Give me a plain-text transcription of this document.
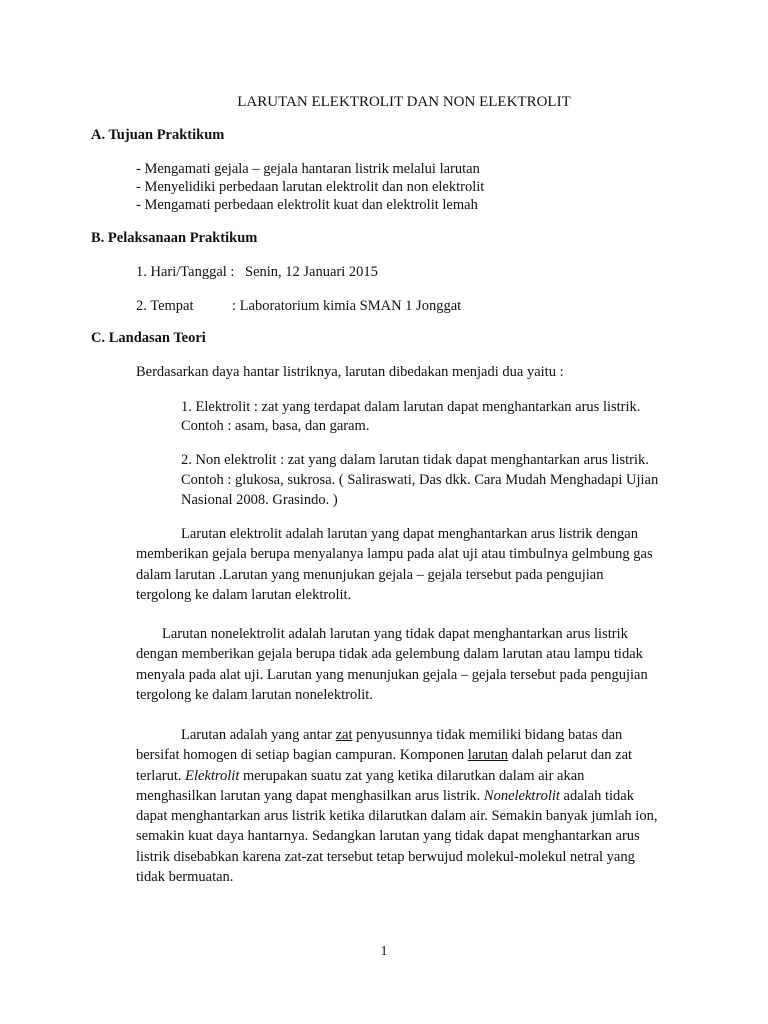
LARUTAN ELEKTROLIT DAN NON ELEKTROLIT
A. Tujuan Praktikum
- Mengamati gejala – gejala hantaran listrik melalui larutan
- Menyelidiki perbedaan larutan elektrolit dan non elektrolit
- Mengamati perbedaan elektrolit kuat dan elektrolit lemah
B. Pelaksanaan Praktikum
1. Hari/Tanggal : Senin, 12 Januari 2015
2. Tempat	: Laboratorium kimia SMAN 1 Jonggat
C. Landasan Teori
Berdasarkan daya hantar listriknya, larutan dibedakan menjadi dua yaitu :
1. Elektrolit : zat yang terdapat dalam larutan dapat menghantarkan arus listrik.
Contoh : asam, basa, dan garam.
2. Non elektrolit : zat yang dalam larutan tidak dapat menghantarkan arus listrik.
Contoh : glukosa, sukrosa. ( Saliraswati, Das dkk. Cara Mudah Menghadapi Ujian
Nasional 2008. Grasindo. )
Larutan elektrolit adalah larutan yang dapat menghantarkan arus listrik dengan
memberikan gejala berupa menyalanya lampu pada alat uji atau timbulnya gelmbung gas
dalam larutan .Larutan yang menunjukan gejala – gejala tersebut pada pengujian
tergolong ke dalam larutan elektrolit.
Larutan nonelektrolit adalah larutan yang tidak dapat menghantarkan arus listrik
dengan memberikan gejala berupa tidak ada gelembung dalam larutan atau lampu tidak
menyala pada alat uji. Larutan yang menunjukan gejala – gejala tersebut pada pengujian
tergolong ke dalam larutan nonelektrolit.
Larutan adalah yang antar zat penyusunnya tidak memiliki bidang batas dan
bersifat homogen di setiap bagian campuran. Komponen larutan dalah pelarut dan zat
terlarut. Elektrolit merupakan suatu zat yang ketika dilarutkan dalam air akan
menghasilkan larutan yang dapat menghasilkan arus listrik. Nonelektrolit adalah tidak
dapat menghantarkan arus listrik ketika dilarutkan dalam air. Semakin banyak jumlah ion,
semakin kuat daya hantarnya. Sedangkan larutan yang tidak dapat menghantarkan arus
listrik disebabkan karena zat-zat tersebut tetap berwujud molekul-molekul netral yang
tidak bermuatan.
1
